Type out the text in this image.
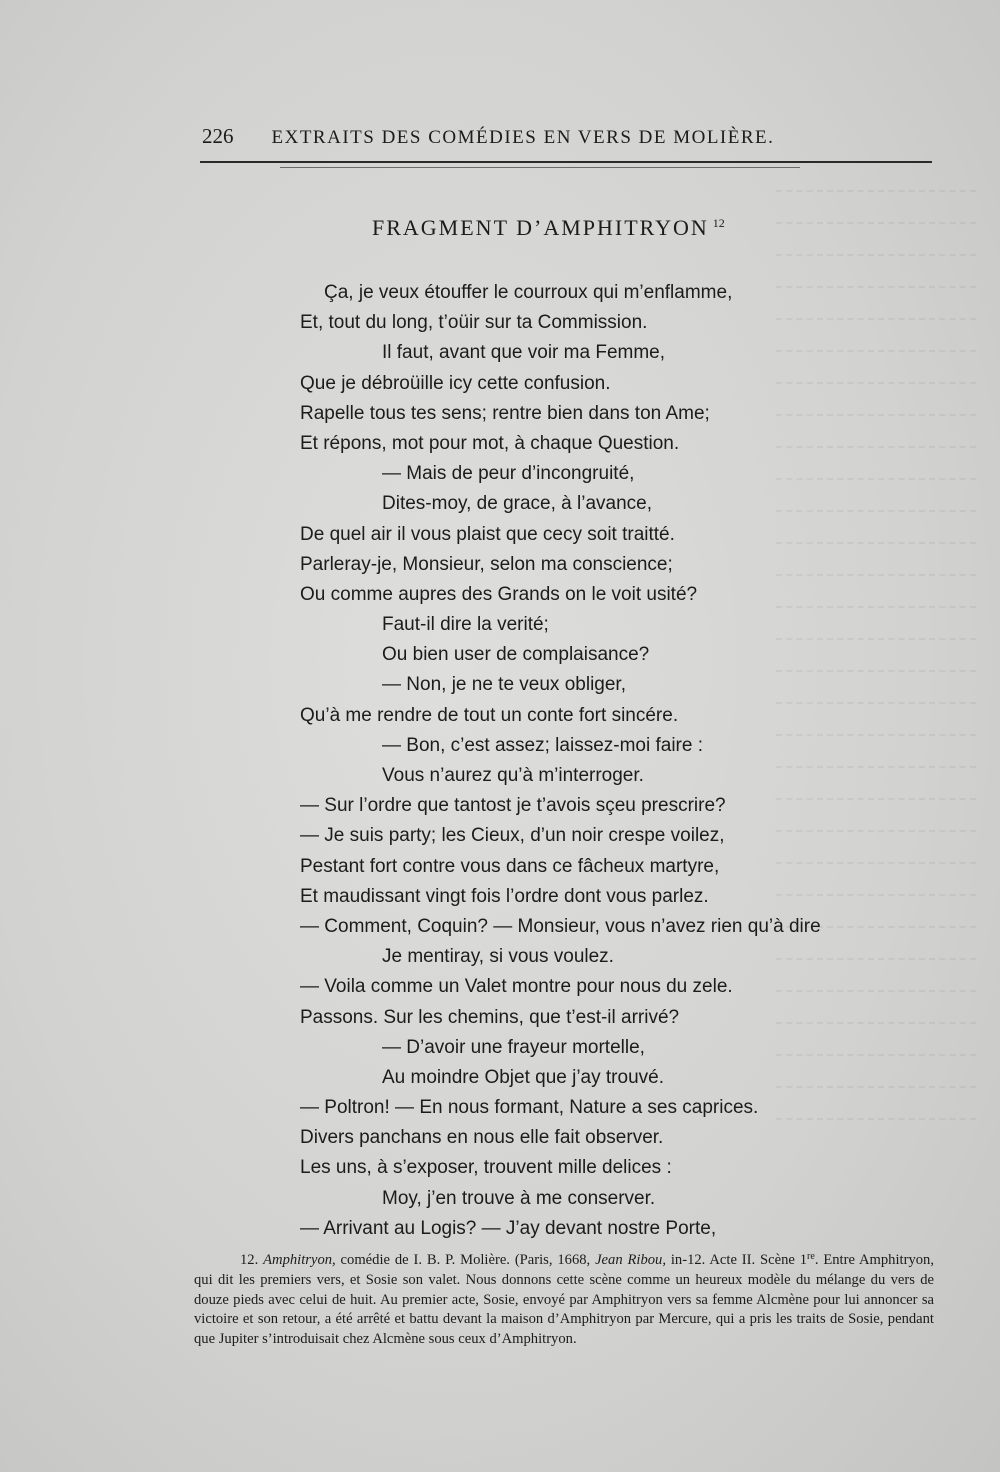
226 EXTRAITS DES COMÉDIES EN VERS DE MOLIÈRE.
FRAGMENT D’AMPHITRYON $^{12}$
Ça, je veux étouffer le courroux qui m’enflamme,
Et, tout du long, t’oüir sur ta Commission.
Il faut, avant que voir ma Femme,
Que je débroüille icy cette confusion.
Rapelle tous tes sens; rentre bien dans ton Ame;
Et répons, mot pour mot, à chaque Question.
— Mais de peur d’incongruité,
Dites-moy, de grace, à l’avance,
De quel air il vous plaist que cecy soit traitté.
Parleray-je, Monsieur, selon ma conscience;
Ou comme aupres des Grands on le voit usité?
Faut-il dire la verité;
Ou bien user de complaisance?
— Non, je ne te veux obliger,
Qu’à me rendre de tout un conte fort sincére.
— Bon, c’est assez; laissez-moi faire :
Vous n’aurez qu’à m’interroger.
— Sur l’ordre que tantost je t’avois sçeu prescrire?
— Je suis party; les Cieux, d’un noir crespe voilez,
Pestant fort contre vous dans ce fâcheux martyre,
Et maudissant vingt fois l’ordre dont vous parlez.
— Comment, Coquin? — Monsieur, vous n’avez rien qu’à dire
Je mentiray, si vous voulez.
— Voila comme un Valet montre pour nous du zele.
Passons. Sur les chemins, que t’est-il arrivé?
— D’avoir une frayeur mortelle,
Au moindre Objet que j’ay trouvé.
— Poltron! — En nous formant, Nature a ses caprices.
Divers panchans en nous elle fait observer.
Les uns, à s’exposer, trouvent mille delices :
Moy, j’en trouve à me conserver.
— Arrivant au Logis? — J’ay devant nostre Porte,
12. Amphitryon, comédie de I. B. P. Molière. (Paris, 1668, Jean Ribou, in-12. Acte II. Scène 1re. Entre Amphitryon, qui dit les premiers vers, et Sosie son valet. Nous donnons cette scène comme un heureux modèle du mélange du vers de douze pieds avec celui de huit. Au premier acte, Sosie, envoyé par Amphitryon vers sa femme Alcmène pour lui annoncer sa victoire et son retour, a été arrêté et battu devant la maison d’Amphitryon par Mercure, qui a pris les traits de Sosie, pendant que Jupiter s’introduisait chez Alcmène sous ceux d’Amphitryon.
